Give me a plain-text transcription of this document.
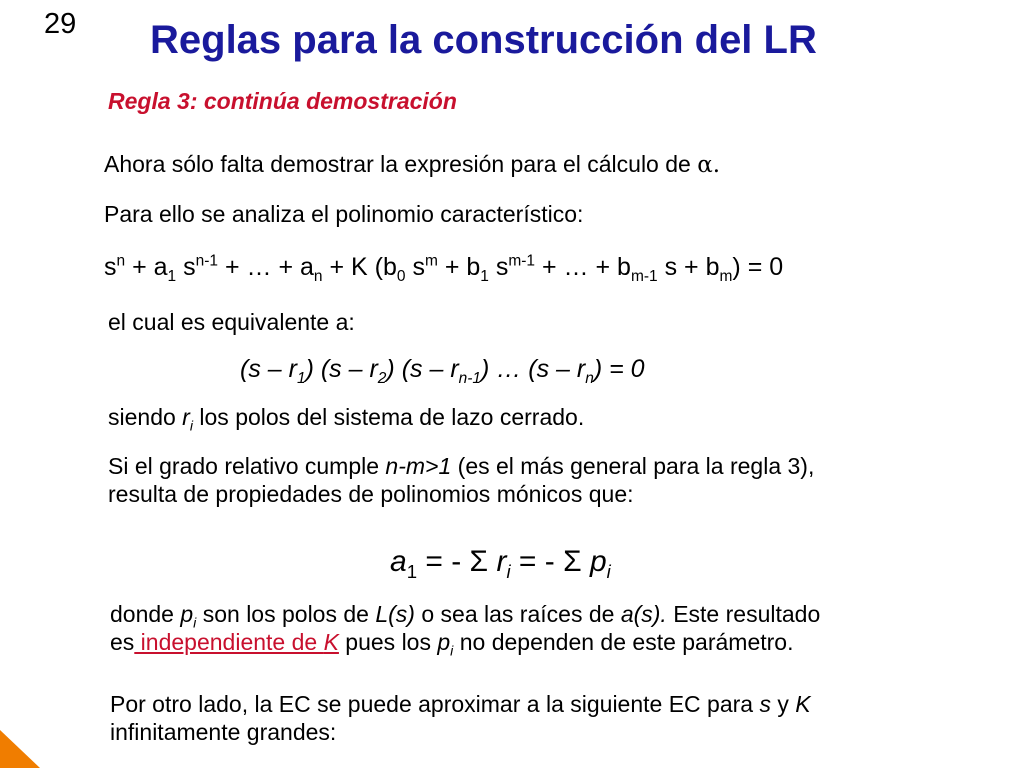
29 Reglas para la construcción del LR
Regla 3: continúa demostración
Ahora sólo falta demostrar la expresión para el cálculo de α.
Para ello se analiza el polinomio característico:
$s^n + a_1$ $s^{n-1}$ + … + $a_n + K$ ($b_0$ $s^m + b_1$ $s^{m-1}$ + … + $b_{m-1}$ $s + b_m) = 0$
el cual es equivalente a:
$(s - r_1)$ $(s - r_2)$ $(s - r_{n-1})$ … $(s - r_n) = 0$
siendo $r_i$ los polos del sistema de lazo cerrado.
Si el grado relativo cumple n-m>1 (es el más general para la regla 3),
resulta de propiedades de polinomios mónicos que:
$a_1$ = - Σ $r_i$ = - Σ $p_i$
donde $p_i$ son los polos de L(s) o sea las raíces de a(s). Este resultado
es independiente de K pues los $p_i$ no dependen de este parámetro.
Por otro lado, la EC se puede aproximar a la siguiente EC para s y K
infinitamente grandes:
